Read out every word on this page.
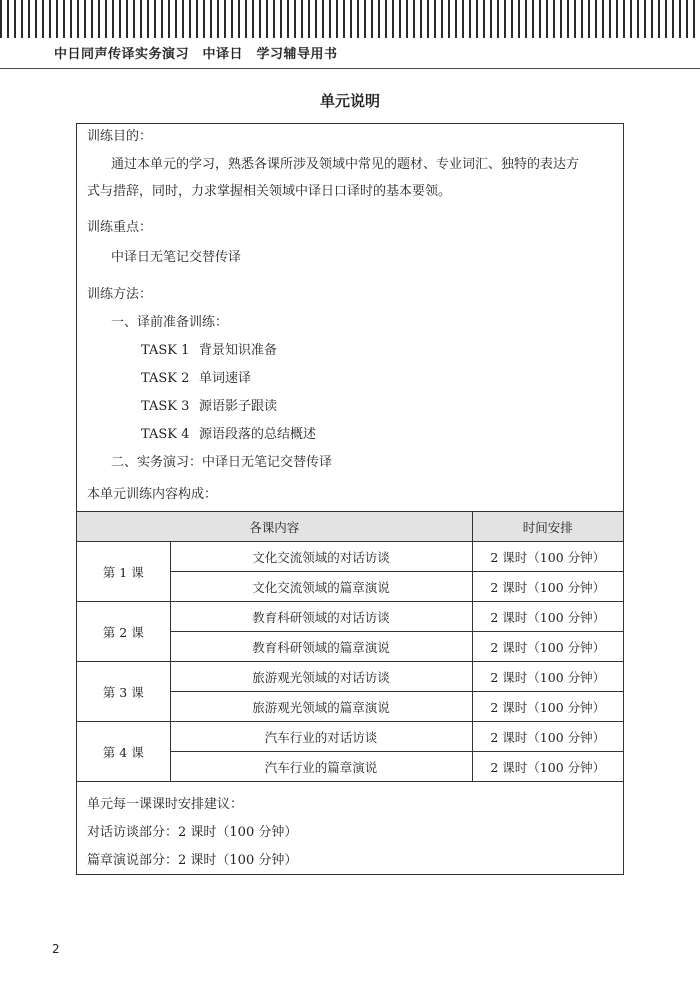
中日同声传译实务演习　中译日　学习辅导用书
单元说明
训练目的：
通过本单元的学习，熟悉各课所涉及领域中常见的题材、专业词汇、独特的表达方
式与措辞，同时，力求掌握相关领域中译日口译时的基本要领。
训练重点：
中译日无笔记交替传译
训练方法：
一、译前准备训练：
TASK 1 背景知识准备
TASK 2 单词速译
TASK 3 源语影子跟读
TASK 4 源语段落的总结概述
二、实务演习：中译日无笔记交替传译
本单元训练内容构成：
各课内容		时间安排
第 1 课	文化交流领域的对话访谈	2 课时（100 分钟）
	文化交流领域的篇章演说	2 课时（100 分钟）
第 2 课	教育科研领域的对话访谈	2 课时（100 分钟）
	教育科研领域的篇章演说	2 课时（100 分钟）
第 3 课	旅游观光领域的对话访谈	2 课时（100 分钟）
	旅游观光领域的篇章演说	2 课时（100 分钟）
第 4 课	汽车行业的对话访谈	2 课时（100 分钟）
	汽车行业的篇章演说	2 课时（100 分钟）
单元每一课课时安排建议：
对话访谈部分：2 课时（100 分钟）
篇章演说部分：2 课时（100 分钟）
2
